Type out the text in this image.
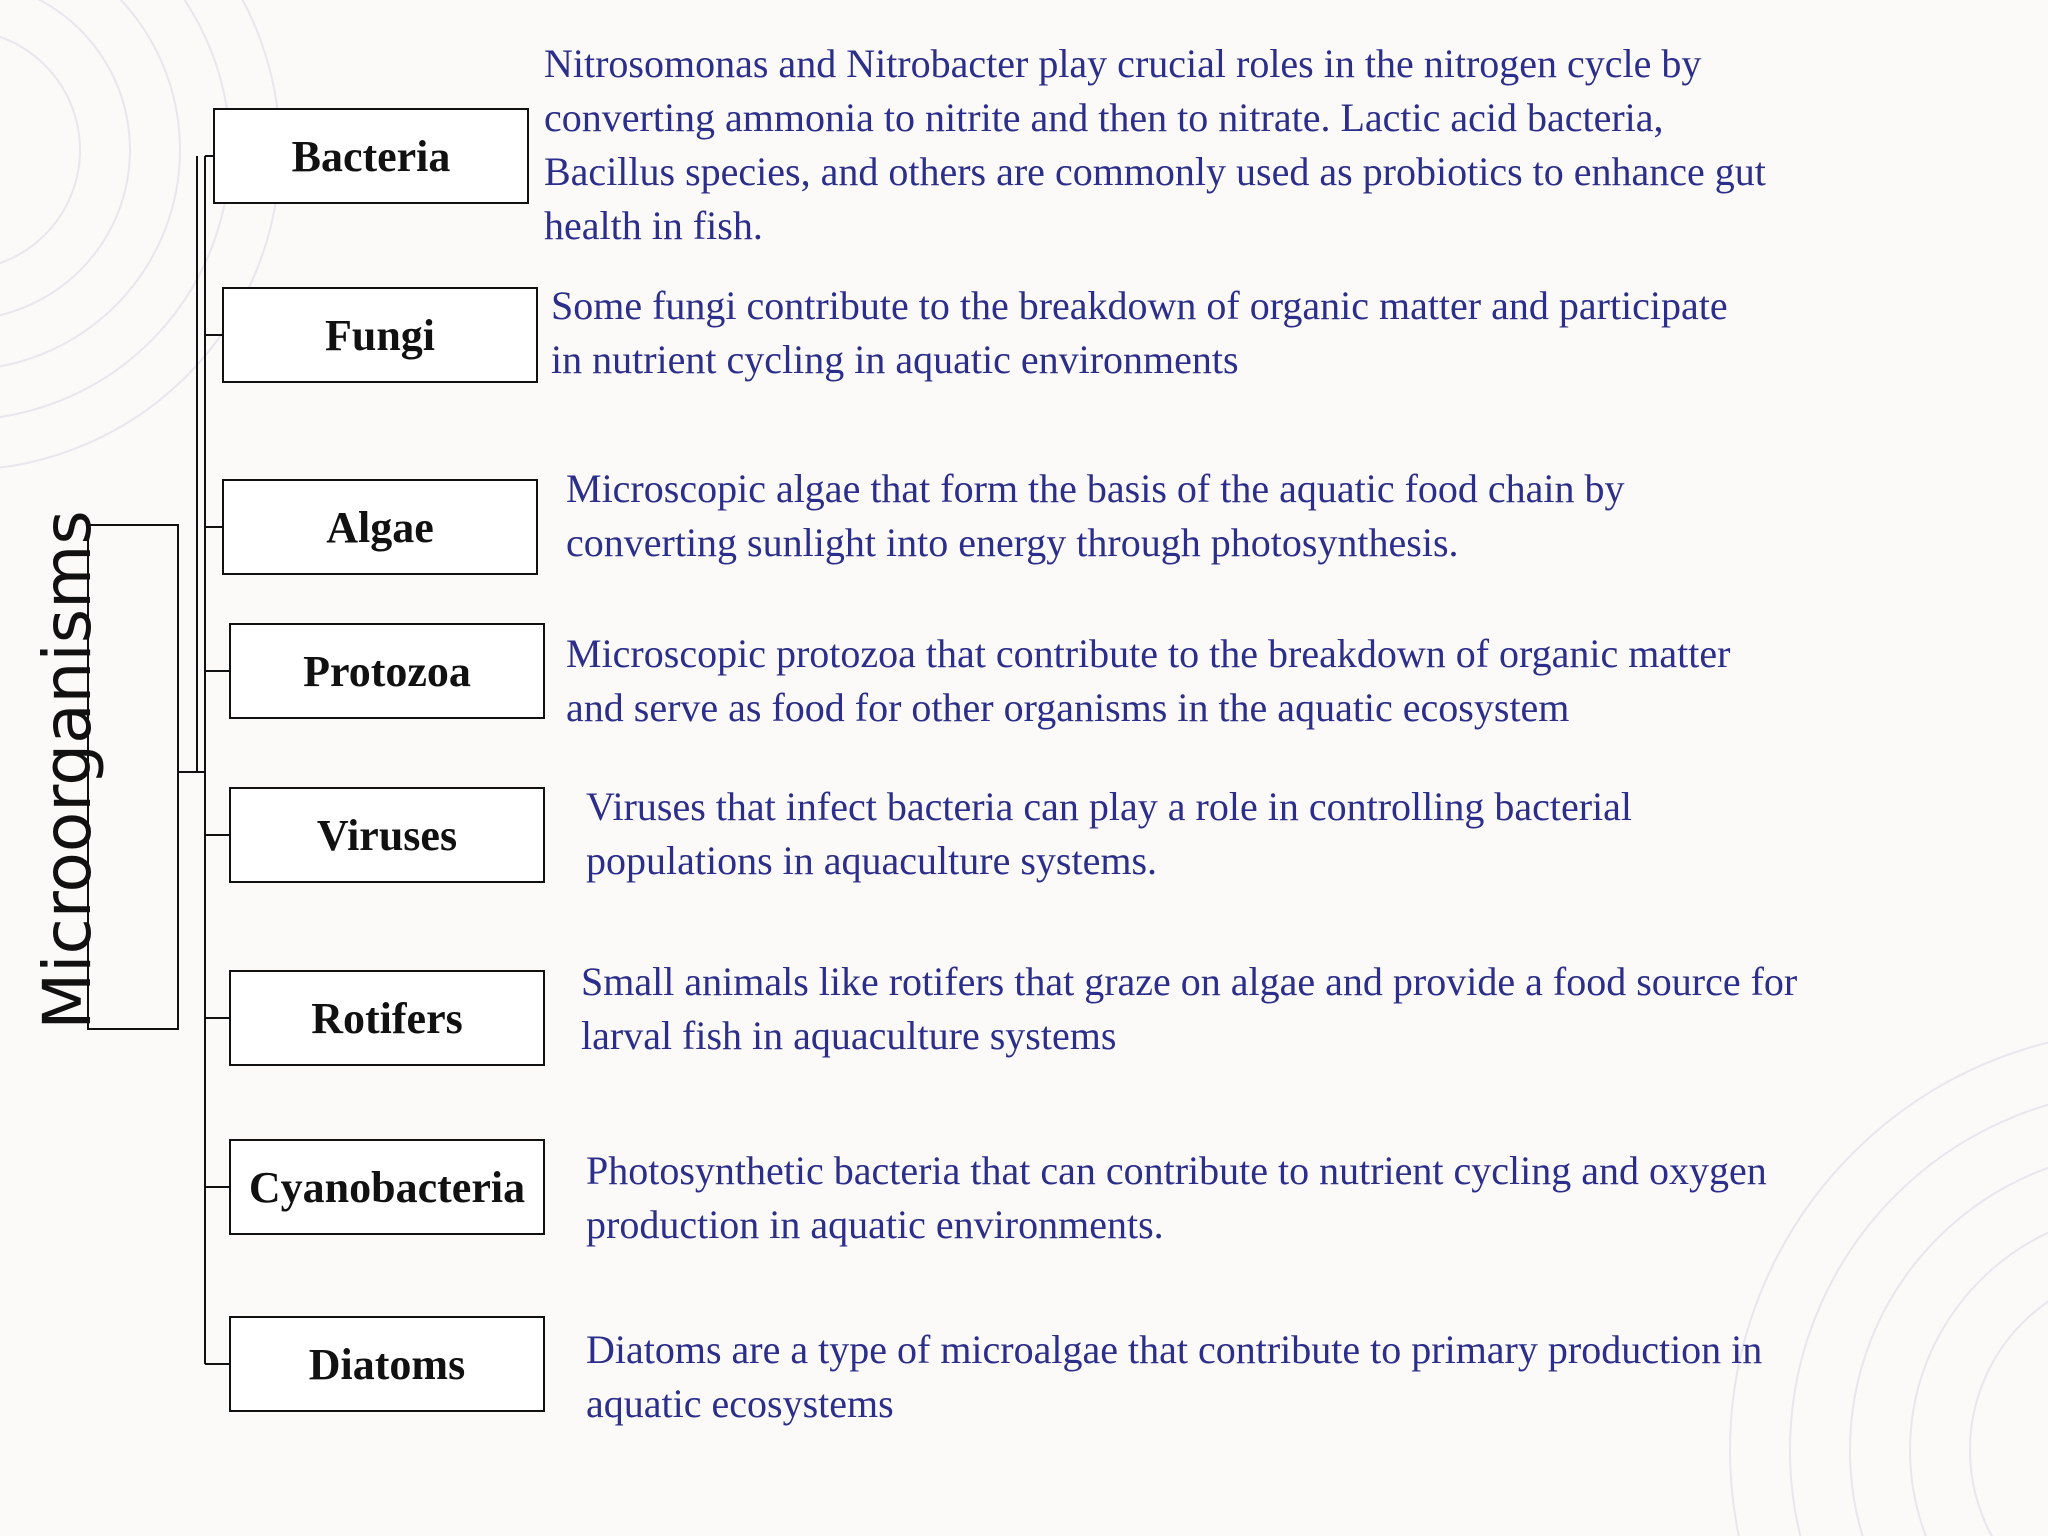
Microorganisms
Bacteria
Nitrosomonas and Nitrobacter play crucial roles in the nitrogen cycle by
converting ammonia to nitrite and then to nitrate. Lactic acid bacteria,
Bacillus species, and others are commonly used as probiotics to enhance gut
health in fish.
Fungi
Some fungi contribute to the breakdown of organic matter and participate
in nutrient cycling in aquatic environments
Algae
Microscopic algae that form the basis of the aquatic food chain by
converting sunlight into energy through photosynthesis.
Protozoa Microscopic protozoa that contribute to the breakdown of organic matter
and serve as food for other organisms in the aquatic ecosystem
Viruses
Viruses that infect bacteria can play a role in controlling bacterial
populations in aquaculture systems.
Rotifers
Small animals like rotifers that graze on algae and provide a food source for
larval fish in aquaculture systems
Cyanobacteria Photosynthetic bacteria that can contribute to nutrient cycling and oxygen
production in aquatic environments.
Diatoms	Diatoms are a type of microalgae that contribute to primary production in
aquatic ecosystems
